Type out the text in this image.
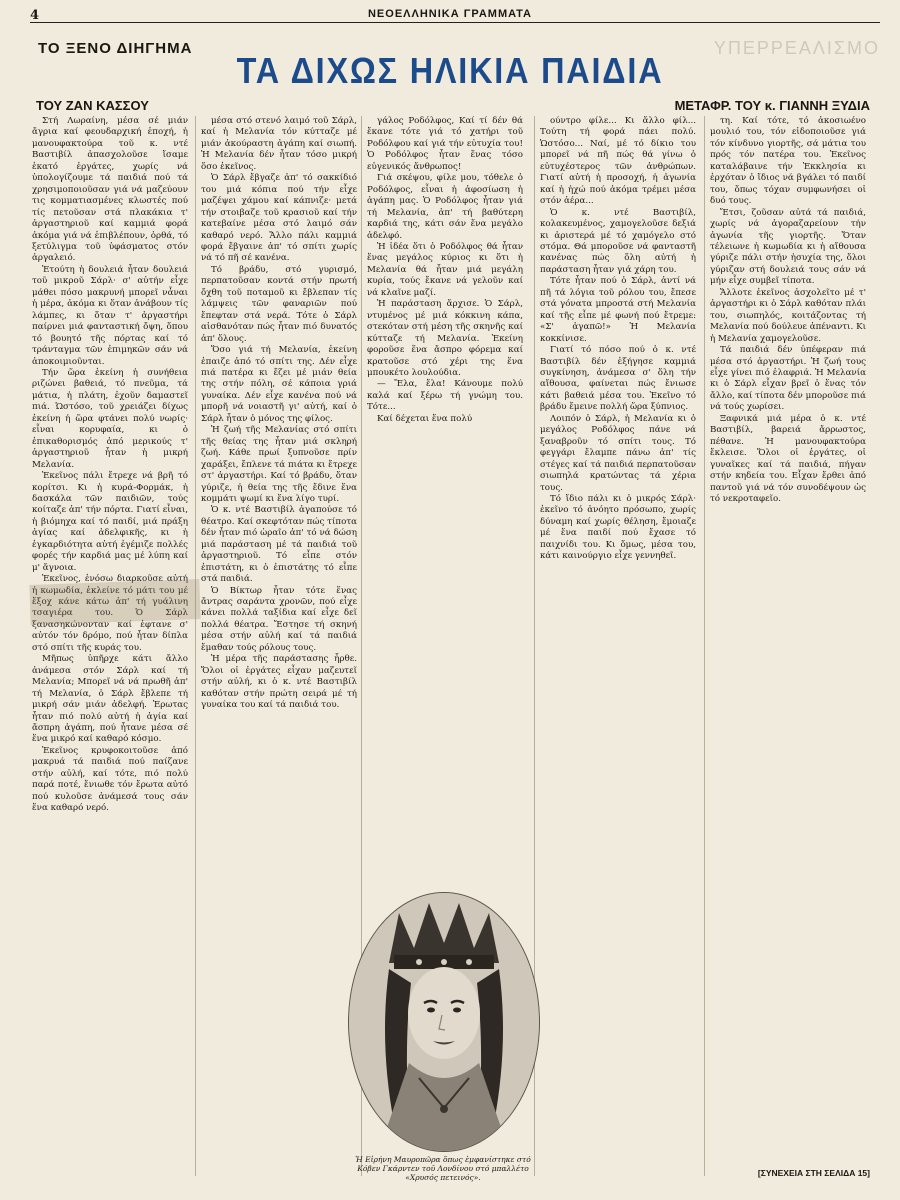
4	ΝΕΟΕΛΛΗΝΙΚΑ ΓΡΑΜΜΑΤΑ
ΥΠΕΡΡΕΑΛΙΣΜΟ
ΤΟ ΞΕΝΟ ΔΙΗΓΗΜΑ
ΤΑ ΔΙΧΩΣ ΗΛΙΚΙΑ ΠΑΙΔΙΑ
ΤΟΥ ΖΑΝ ΚΑΣΣΟΥ	ΜΕΤΑΦΡ. ΤΟΥ κ. ΓΙΑΝΝΗ ΞΥΔΙΑ

Στή Λωραίνη, μέσα σέ μιάν ἄγρια καί φεουδαρχική ἐποχή, ἡ μανουφακτούρα τοῦ κ. ντέ Βαστιβίλ ἀπασχολοῦσε ἴσαμε ἑκατό ἐργάτες, χωρίς νά ὑπολογίζουμε τά παιδιά πού τά χρησιμοποιοῦσαν γιά νά μαζεύουν τις κομματιασμένες κλωστές πού τίς πετοῦσαν στά πλακάκια τ' ἀργαστηριοῦ καί καμμιά φορά ἀκόμα γιά νά ἐπιβλέπουν, ὀρθά, τό ξετύλιγμα τοῦ ὑφάσματος στόν ἀργαλειό.

Ἐτούτη ἡ δουλειά ἦταν δουλειά τοῦ μικροῦ Σάρλ· σ' αὐτήν εἶχε μάθει πόσο μακρυνή μπορεῖ νἆναι ἡ μέρα, ἀκόμα κι ὅταν ἀνάβουν τίς λάμπες, κι ὅταν τ' ἀργαστήρι παίρνει μιά φανταστική ὄψη, ὅπου τό βουητό τῆς πόρτας καί τό τράνταγμα τῶν ἐπιμηκῶν σάν νά ἀποκοιμιοῦνται.

Τήν ὥρα ἐκείνη ἡ συνήθεια ριζώνει βαθειά, τό πνεῦμα, τά μάτια, ἡ πλάτη, ἐχοῦν δαμαστεῖ πιά. Ὡστόσο, τοῦ χρειάζει δίχως ἐκείνη ἡ ὥρα φτάνει πολύ νωρίς· εἶναι κορυφαία, κι ὁ ἐπικαθορισμός ἀπό μερικούς τ' ἀργαστηριοῦ ἦταν ἡ μικρή Μελανία.

Ἐκεῖνος πάλι ἔτρεχε νά βρῆ τό κορίτσι. Κι ἡ κυρά-Φορμάκ, ἡ δασκάλα τῶν παιδιῶν, τούς κοίταζε ἀπ' τήν πόρτα. Γιατί εἶναι, ἡ βιόμηχα καί τό παιδί, μιά πράξη ἁγίας καί ἀδελφικῆς, κι ἡ ἐγκαρδιότητα αὐτή ἐγέμιζε πολλές φορές τήν καρδιά μας μέ λύπη καί μ' ἄγνοια.

Ἐκεῖνος, ἐνόσω διαρκοῦσε αὐτή ἡ κωμωδία, ἐκλείνε τό μάτι του μέ ἔξοχ κάνε κάτω ἀπ' τή γυάλινη τσαγιέρα του. Ὁ Σάρλ ξανασηκώνονταν καί ἐφτανε σ' αὐτόν τόν δρόμο, πού ἦταν δίπλα στό σπίτι τῆς κυράς του.

Μῆπως ὑπῆρχε κάτι ἄλλο ἀνάμεσα στόν Σάρλ καί τή Μελανία; Μπορεῖ νά νά πρωθῆ ἀπ' τή Μελανία, ὁ Σάρλ ἔβλεπε τή μικρή σάν μιάν ἀδελφή. Ἐρωτας ἦταν πιό πολύ αὐτή ἡ ἁγία καί ἄσπρη ἀγάπη, πού ἦτανε μέσα σέ ἕνα μικρό καί καθαρό κόσμο.

Ἐκεῖνος κρυφοκοιτοῦσε ἀπό μακρυά τά παιδιά πού παίζανε στήν αὐλή, καί τότε, πιό πολύ παρά ποτέ, ἔνιωθε τόν ἔρωτα αὐτό πού κυλοῦσε ἀνάμεσά τους σάν ἕνα καθαρό νερό.

μέσα στό στενό λαιμό τοῦ Σάρλ, καί ἡ Μελανία τόν κύτταζε μέ μιάν ἀκούραστη ἀγάπη καί σιωπή. Ἡ Μελανία δέν ἦταν τόσο μικρή ὅσο ἐκεῖνος.

Ὁ Σάρλ ἔβγαζε ἀπ' τό σακκίδιό του μιά κόπια πού τήν εἶχε μαζέψει χάμου καί κάπνιζε· μετά τήν στοιβαζε τοῦ κρασιοῦ καί τήν κατεβαίνε μέσα στό λαιμό σάν καθαρό νερό. Ἄλλο πάλι καμμιά φορά ἔβγαινε ἀπ' τό σπίτι χωρίς νά τό πῆ σέ κανένα.

Τό βράδυ, στό γυρισμό, περπατοῦσαν κοντά στήν πρωτή ὄχθη τοῦ ποταμοῦ κι ἔβλεπαν τίς λάμψεις τῶν φαναριῶν πού ἔπεφταν στά νερά. Τότε ὁ Σάρλ αἰσθανόταν πώς ἦταν πιό δυνατός ἀπ' ὅλους.

Ὅσο γιά τή Μελανία, ἐκείνη ἐπαιζε ἀπό τό σπίτι της. Δέν εἶχε πιά πατέρα κι ἔζει μέ μιάν θεία της στήν πόλη, σέ κάποια γριά γυναίκα. Δέν εἶχε κανένα πού νά μπορῆ νά νοιαστῆ γι' αὐτή, καί ὁ Σάρλ ἦταν ὁ μόνος της φίλος.

Ἡ ζωή τῆς Μελανίας στό σπίτι τῆς θείας της ἦταν μιά σκληρή ζωή. Κάθε πρωί ξυπνοῦσε πρίν χαράξει, ἔπλενε τά πιάτα κι ἔτρεχε στ' ἀργαστήρι. Καί τό βράδυ, ὅταν γύριζε, ἡ θεία της τῆς ἔδινε ἕνα κομμάτι ψωμί κι ἕνα λίγο τυρί.

Ὁ κ. ντέ Βαστιβίλ ἀγαπούσε τό θέατρο. Καί σκεφτόταν πώς τίποτα δέν ἦταν πιό ὡραῖο ἀπ' τό νά δώση μιά παράσταση μέ τά παιδιά τοῦ ἀργαστηριοῦ. Τό εἶπε στόν ἐπιστάτη, κι ὁ ἐπιστάτης τό εἶπε στά παιδιά.

Ὁ Βίκτωρ ἦταν τότε ἕνας ἄντρας σαράντα χρονῶν, πού εἶχε κάνει πολλά ταξίδια καί εἶχε δεῖ πολλά θέατρα. Ἔστησε τή σκηνή μέσα στήν αὐλή καί τά παιδιά ἔμαθαν τούς ρόλους τους.

Ἡ μέρα τῆς παράστασης ἦρθε. Ὅλοι οἱ ἐργάτες εἶχαν μαζευτεῖ στήν αὐλή, κι ὁ κ. ντέ Βαστιβίλ καθόταν στήν πρώτη σειρά μέ τή γυναίκα του καί τά παιδιά του.

γάλος Ροδόλφος, Καί τί δέν θά ἔκανε τότε γιά τό χατήρι τοῦ Ροδόλφου καί γιά τήν εὐτυχία του! Ὁ Ροδόλφος ἦταν ἕνας τόσο εὐγενικός ἄνθρωπος!

Γιά σκέψου, φίλε μου, τόθελε ὁ Ροδόλφος, εἶναι ἡ ἀφοσίωση ἡ ἀγάπη μας. Ὁ Ροδόλφος ἦταν γιά τή Μελανία, ἀπ' τή βαθύτερη καρδιά της, κάτι σάν ἕνα μεγάλο ἀδελφό.

Ἡ ἰδέα ὅτι ὁ Ροδόλφος θά ἦταν ἕνας μεγάλος κύριος κι ὅτι ἡ Μελανία θά ἦταν μιά μεγάλη κυρία, τούς ἔκανε νά γελοῦν καί νά κλαῖνε μαζί.

Ἡ παράσταση ἄρχισε. Ὁ Σάρλ, ντυμένος μέ μιά κόκκινη κάπα, στεκόταν στή μέση τῆς σκηνῆς καί κύτταζε τή Μελανία. Ἐκείνη φοροῦσε ἕνα ἄσπρο φόρεμα καί κρατοῦσε στό χέρι της ἕνα μπουκέτο λουλούδια.

— Ἔλα, ἔλα! Κάνουμε πολύ καλά καί ξέρω τή γνώμη του. Τότε...

Καί δέχεται ἕνα πολύ

ούντρο φίλε... Κι ἄλλο φίλ... Τούτη τή φορά πάει πολύ. Ὡστόσο... Ναί, μέ τό δίκιο του μπορεῖ νά πῆ πώς θά γίνω ὁ εὐτυχέστερος τῶν ἀνθρώπων. Γιατί αὐτή ἡ προσοχή, ἡ ἀγωνία καί ἡ ἠχώ πού ἀκόμα τρέμει μέσα στόν ἀέρα...

Ὁ κ. ντέ Βαστιβίλ, κολακευμένος, χαμογελοῦσε δεξιά κι ἀριστερά μέ τό χαμόγελο στό στόμα. Θά μποροῦσε νά φανταστῆ κανένας πώς ὅλη αὐτή ἡ παράσταση ἦταν γιά χάρη του.

Τότε ἦταν πού ὁ Σάρλ, ἀντί νά πῆ τά λόγια τοῦ ρόλου του, ἔπεσε στά γόνατα μπροστά στή Μελανία καί τῆς εἶπε μέ φωνή πού ἔτρεμε: «Σ' ἀγαπῶ!» Ἡ Μελανία κοκκίνισε.

Γιατί τό πόσο πού ὁ κ. ντέ Βαστιβίλ δέν ἐξήγησε καμμιά συγκίνηση, ἀνάμεσα σ' ὅλη τήν αἴθουσα, φαίνεται πώς ἔνιωσε κάτι βαθειά μέσα του. Ἐκεῖνο τό βράδυ ἔμεινε πολλή ὥρα ξύπνιος.

Λοιπόν ὁ Σάρλ, ἡ Μελανία κι ὁ μεγάλος Ροδόλφος πάνε νά ξαναβροῦν τό σπίτι τους. Τό φεγγάρι ἔλαμπε πάνω ἀπ' τίς στέγες καί τά παιδιά περπατοῦσαν σιωπηλά κρατώντας τά χέρια τους.

Τό ἴδιο πάλι κι ὁ μικρός Σάρλ· ἐκεῖνο τό ἀνόητο πρόσωπο, χωρίς δύναμη καί χωρίς θέληση, ἔμοιαζε μέ ἕνα παιδί πού ἔχασε τό παιχνίδι του. Κι ὅμως, μέσα του, κάτι καινούργιο εἶχε γεννηθεῖ.

τη. Καί τότε, τό ἀκοσιωένο μουλιό του, τόν εἰδοποιοῦσε γιά τόν κίνδυνο γιορτῆς, σά μάτια του πρός τόν πατέρα του. Ἐκεῖνος καταλάβαινε τήν Ἐκκλησία κι ἐρχόταν ὁ ἴδιος νά βγάλει τό παιδί του, ὅπως τόχαν συμφωνήσει οἱ δυό τους.

Ἔτσι, ζοῦσαν αὐτά τά παιδιά, χωρίς νά ἀγοραζαρείουν τήν ἀγωνία τῆς γιορτῆς. Ὅταν τέλειωνε ἡ κωμωδία κι ἡ αἴθουσα γύριζε πάλι στήν ἡσυχία της, ὅλοι γύριζαν στή δουλειά τους σάν νά μήν εἶχε συμβεῖ τίποτα.

Ἄλλοτε ἐκεῖνος ἀσχολεῖτο μέ τ' ἀργαστήρι κι ὁ Σάρλ καθόταν πλάι του, σιωπηλός, κοιτάζοντας τή Μελανία πού δούλευε ἀπέναντι. Κι ἡ Μελανία χαμογελοῦσε.

Τά παιδιά δέν ὑπέφεραν πιά μέσα στό ἀργαστήρι. Ἡ ζωή τους εἶχε γίνει πιό ἐλαφριά. Ἡ Μελανία κι ὁ Σάρλ εἶχαν βρεῖ ὁ ἕνας τόν ἄλλο, καί τίποτα δέν μποροῦσε πιά νά τούς χωρίσει.

Ξαφνικά μιά μέρα ὁ κ. ντέ Βαστιβίλ, βαρειά ἄρρωστος, πέθανε. Ἡ μανουφακτούρα ἔκλεισε. Ὅλοι οἱ ἐργάτες, οἱ γυναῖκες καί τά παιδιά, πήγαν στήν κηδεία του. Εἶχαν ἔρθει ἀπό παντοῦ γιά νά τόν συνοδέψουν ὡς τό νεκροταφεῖο.

Ἡ Εἰρήνη Μαυροπῶρα ὅπως ἐμφανίστηκε στό Κόβεν Γκάρντεν τοῦ Λονδίνου στό μπαλλέτο «Χρυσός πετεινός».	[ΣΥΝΕΧΕΙΑ ΣΤΗ ΣΕΛΙΔΑ 15]
